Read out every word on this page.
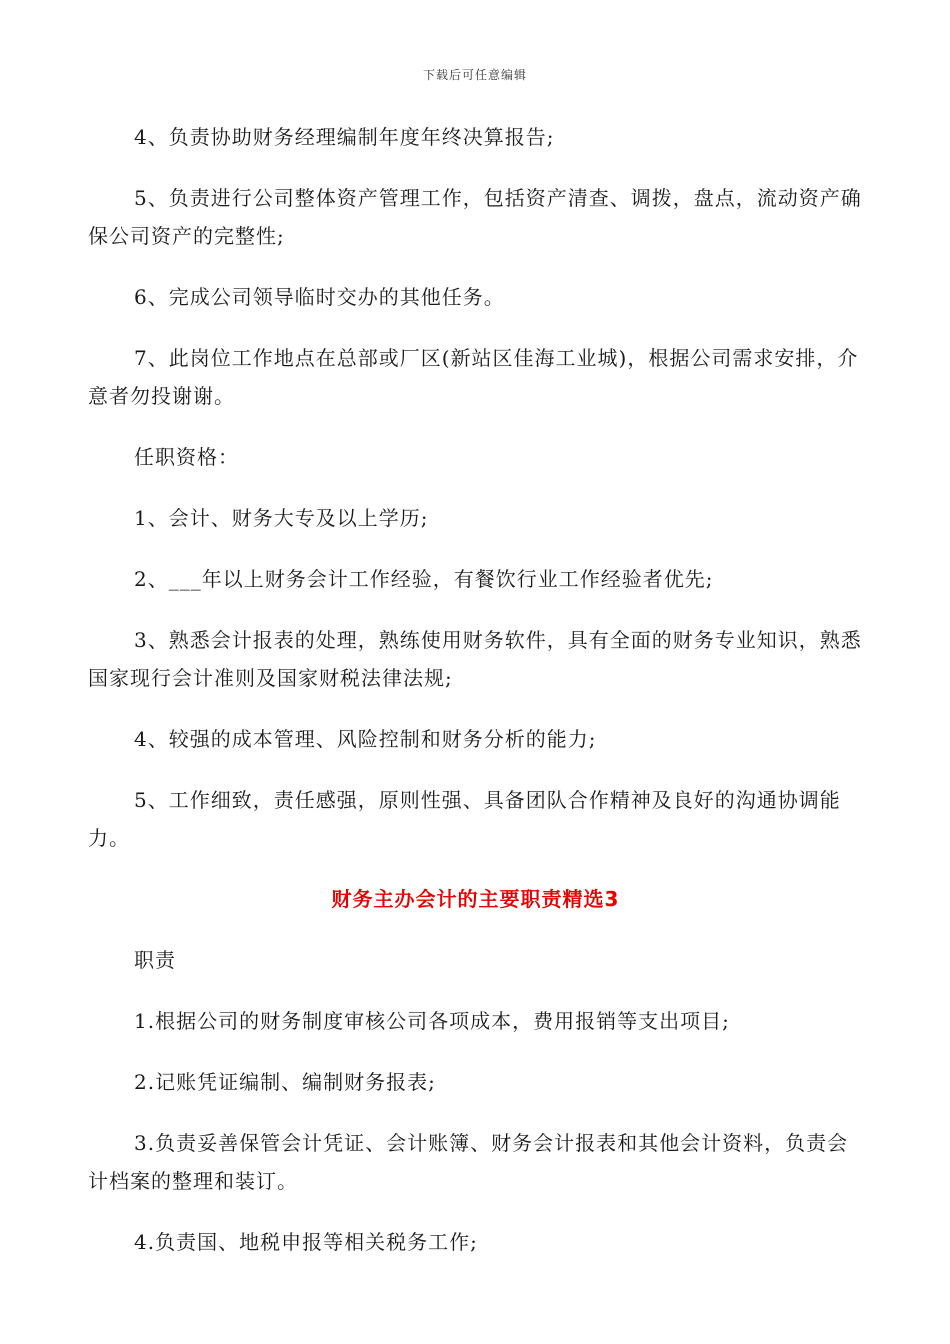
下载后可任意编辑

4、负责协助财务经理编制年度年终决算报告;

5、负责进行公司整体资产管理工作，包括资产清查、调拨，盘点，流动资产确保公司资产的完整性;

6、完成公司领导临时交办的其他任务。

7、此岗位工作地点在总部或厂区(新站区佳海工业城)，根据公司需求安排，介意者勿投谢谢。

任职资格：

1、会计、财务大专及以上学历;

2、___年以上财务会计工作经验，有餐饮行业工作经验者优先;

3、熟悉会计报表的处理，熟练使用财务软件，具有全面的财务专业知识，熟悉国家现行会计准则及国家财税法律法规;

4、较强的成本管理、风险控制和财务分析的能力;

5、工作细致，责任感强，原则性强、具备团队合作精神及良好的沟通协调能力。

财务主办会计的主要职责精选3

职责

1.根据公司的财务制度审核公司各项成本，费用报销等支出项目;

2.记账凭证编制、编制财务报表;

3.负责妥善保管会计凭证、会计账簿、财务会计报表和其他会计资料，负责会计档案的整理和装订。

4.负责国、地税申报等相关税务工作;
